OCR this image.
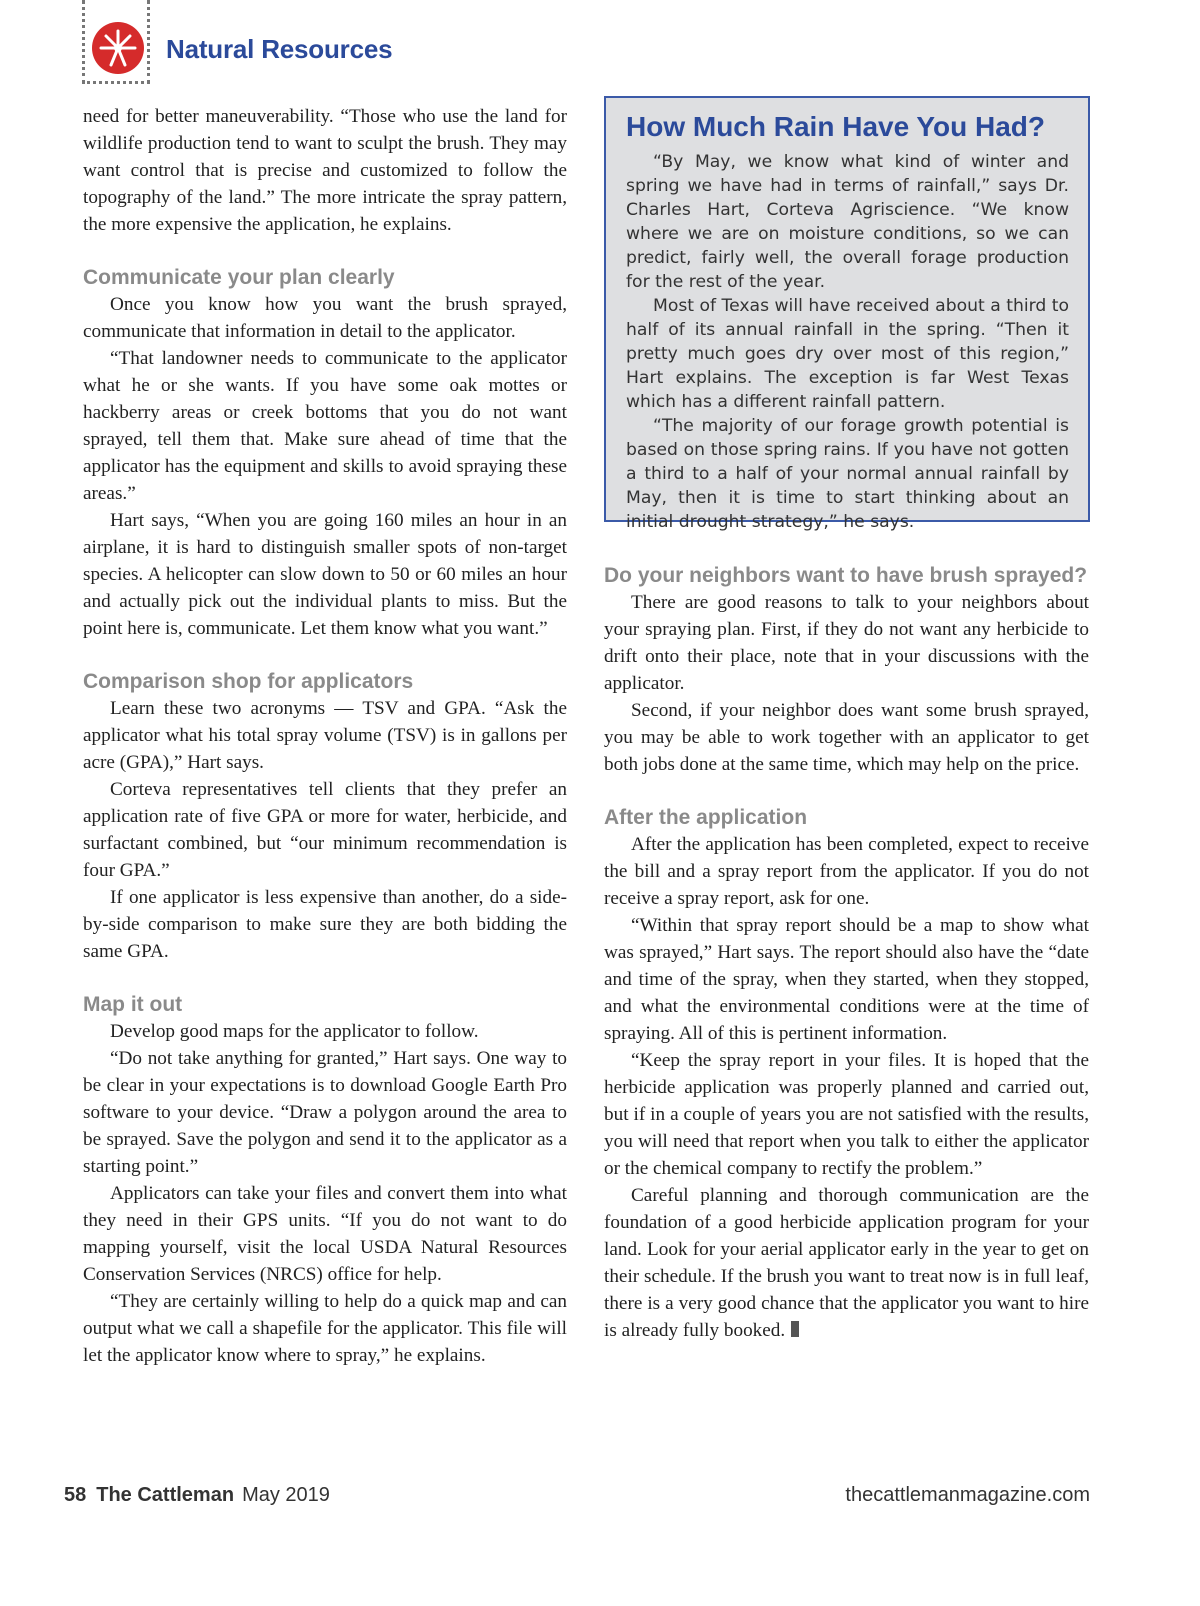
Natural Resources

need for better maneuverability. “Those who use the land for wildlife production tend to want to sculpt the brush. They may want control that is precise and customized to follow the topography of the land.” The more intricate the spray pattern, the more expensive the application, he explains.

Communicate your plan clearly

Once you know how you want the brush sprayed, communicate that information in detail to the applicator.

“That landowner needs to communicate to the applicator what he or she wants. If you have some oak mottes or hackberry areas or creek bottoms that you do not want sprayed, tell them that. Make sure ahead of time that the applicator has the equipment and skills to avoid spraying these areas.”

Hart says, “When you are going 160 miles an hour in an airplane, it is hard to distinguish smaller spots of non-target species. A helicopter can slow down to 50 or 60 miles an hour and actually pick out the individual plants to miss. But the point here is, communicate. Let them know what you want.”

Comparison shop for applicators

Learn these two acronyms — TSV and GPA. “Ask the applicator what his total spray volume (TSV) is in gallons per acre (GPA),” Hart says.

Corteva representatives tell clients that they prefer an application rate of five GPA or more for water, herbicide, and surfactant combined, but “our minimum recommendation is four GPA.”

If one applicator is less expensive than another, do a side-by-side comparison to make sure they are both bidding the same GPA.

Map it out

Develop good maps for the applicator to follow.

“Do not take anything for granted,” Hart says. One way to be clear in your expectations is to download Google Earth Pro software to your device. “Draw a polygon around the area to be sprayed. Save the polygon and send it to the applicator as a starting point.”

Applicators can take your files and convert them into what they need in their GPS units. “If you do not want to do mapping yourself, visit the local USDA Natural Resources Conservation Services (NRCS) office for help.

“They are certainly willing to help do a quick map and can output what we call a shapefile for the applicator. This file will let the applicator know where to spray,” he explains.

How Much Rain Have You Had?

“By May, we know what kind of winter and spring we have had in terms of rainfall,” says Dr. Charles Hart, Corteva Agriscience. “We know where we are on moisture conditions, so we can predict, fairly well, the overall forage production for the rest of the year.

Most of Texas will have received about a third to half of its annual rainfall in the spring. “Then it pretty much goes dry over most of this region,” Hart explains. The exception is far West Texas which has a different rainfall pattern.

“The majority of our forage growth potential is based on those spring rains. If you have not gotten a third to a half of your normal annual rainfall by May, then it is time to start thinking about an initial drought strategy,” he says.

Do your neighbors want to have brush sprayed?

There are good reasons to talk to your neighbors about your spraying plan. First, if they do not want any herbicide to drift onto their place, note that in your discussions with the applicator.

Second, if your neighbor does want some brush sprayed, you may be able to work together with an applicator to get both jobs done at the same time, which may help on the price.

After the application

After the application has been completed, expect to receive the bill and a spray report from the applicator. If you do not receive a spray report, ask for one.

“Within that spray report should be a map to show what was sprayed,” Hart says. The report should also have the “date and time of the spray, when they started, when they stopped, and what the environmental conditions were at the time of spraying. All of this is pertinent information.

“Keep the spray report in your files. It is hoped that the herbicide application was properly planned and carried out, but if in a couple of years you are not satisfied with the results, you will need that report when you talk to either the applicator or the chemical company to rectify the problem.”

Careful planning and thorough communication are the foundation of a good herbicide application program for your land. Look for your aerial applicator early in the year to get on their schedule. If the brush you want to treat now is in full leaf, there is a very good chance that the applicator you want to hire is already fully booked.

58 The Cattleman May 2019	thecattlemanmagazine.com
